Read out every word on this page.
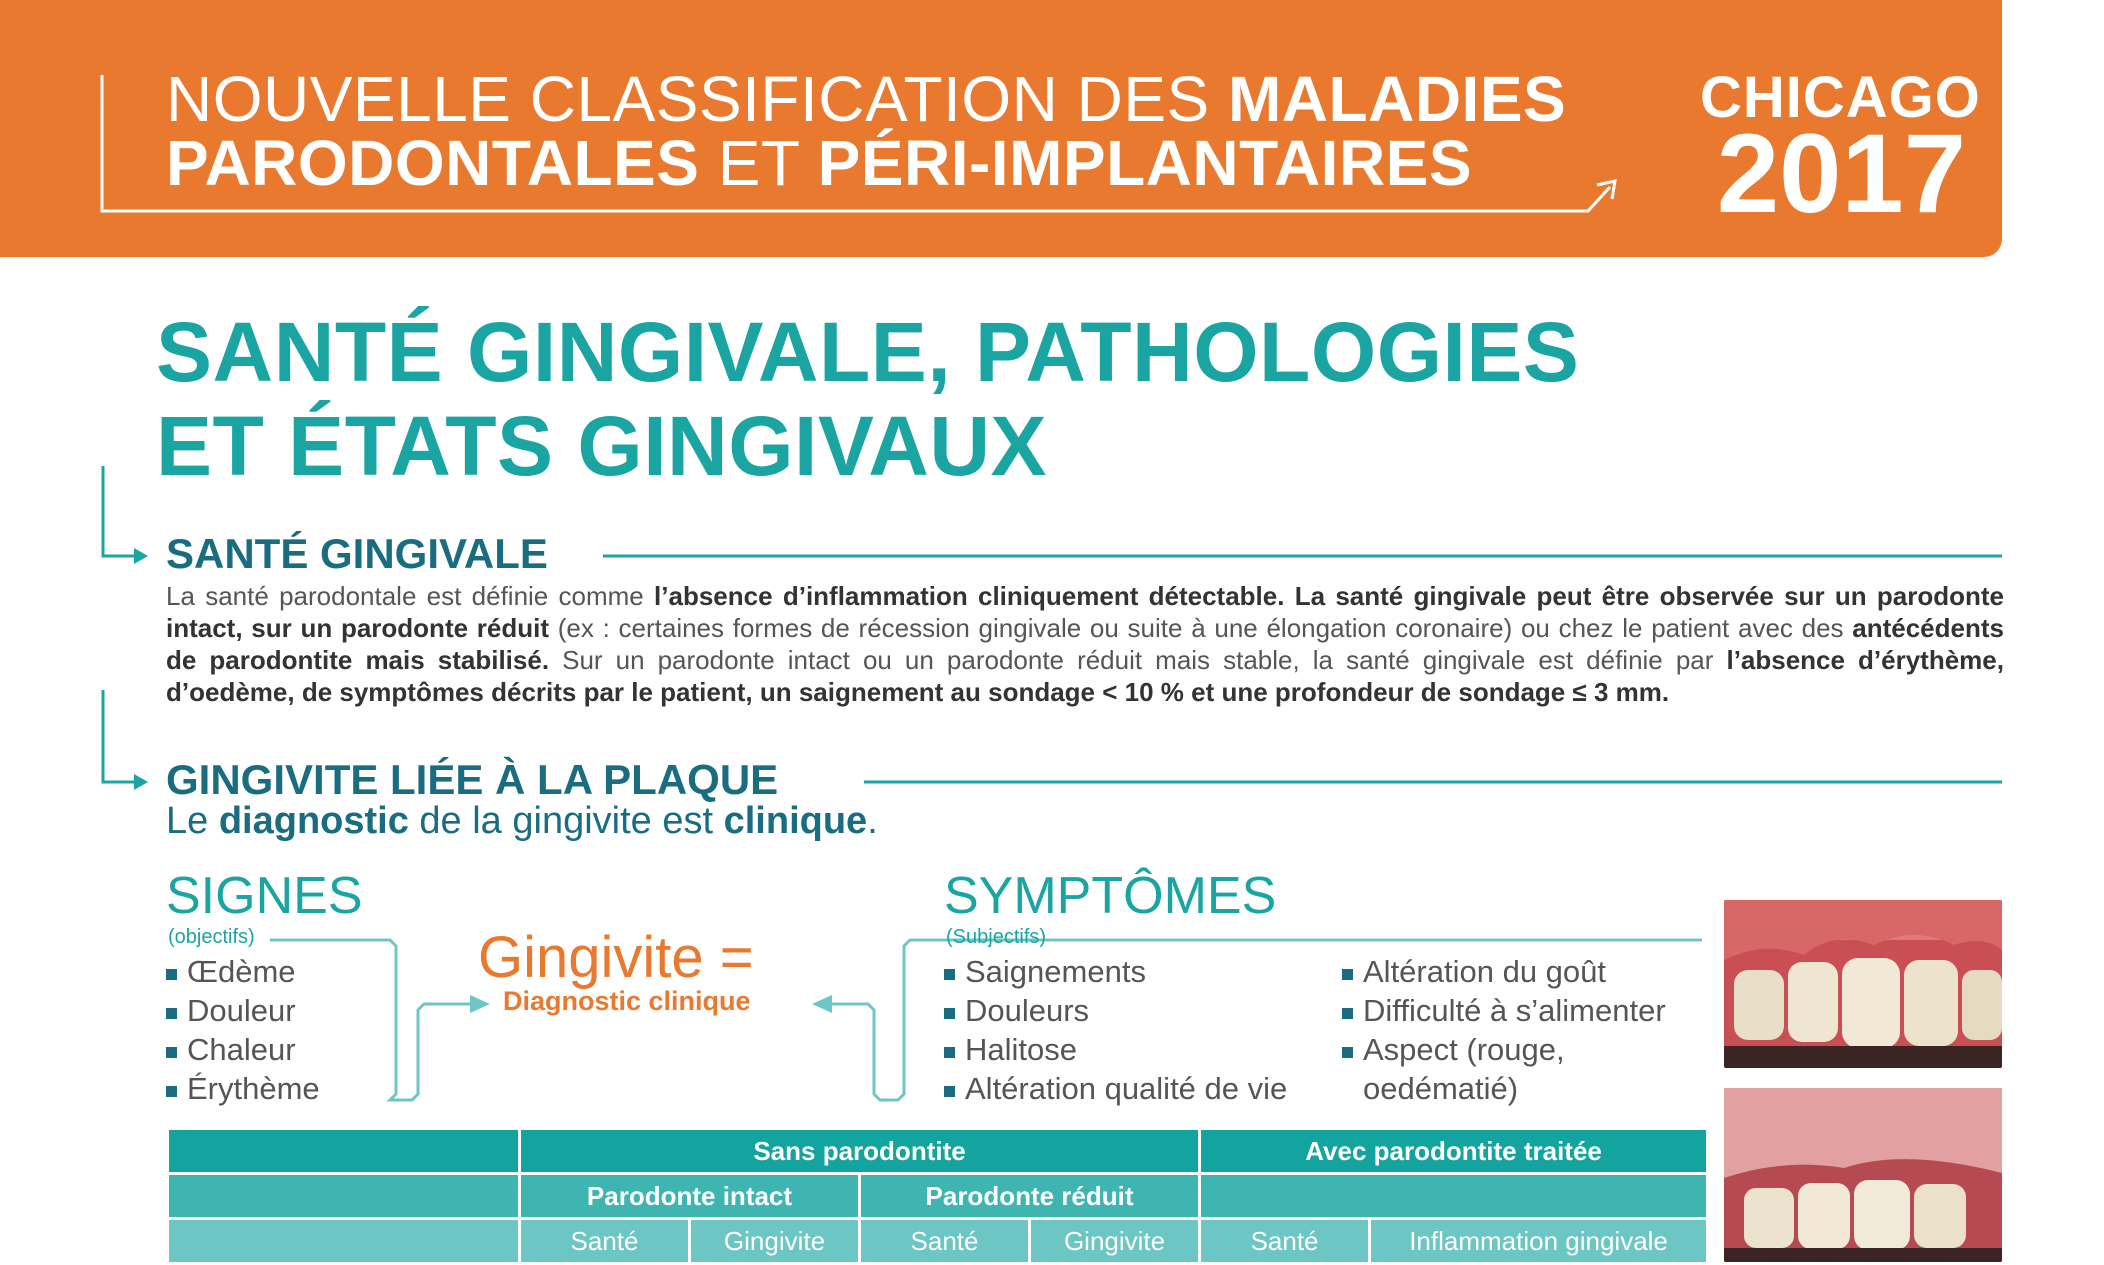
NOUVELLE CLASSIFICATION DES MALADIES
PARODONTALES ET PÉRI-IMPLANTAIRES
CHICAGO
2017
SANTÉ GINGIVALE, PATHOLOGIES
ET ÉTATS GINGIVAUX
SANTÉ GINGIVALE
La santé parodontale est définie comme l’absence d’inflammation cliniquement détectable. La santé gingivale peut être observée sur un parodonte intact, sur un parodonte réduit (ex : certaines formes de récession gingivale ou suite à une élongation coronaire) ou chez le patient avec des antécédents de parodontite mais stabilisé. Sur un parodonte intact ou un parodonte réduit mais stable, la santé gingivale est définie par l’absence d’érythème, d’oedème, de symptômes décrits par le patient, un saignement au sondage < 10 % et une profondeur de sondage ≤ 3 mm.
GINGIVITE LIÉE À LA PLAQUE
Le diagnostic de la gingivite est clinique.
SIGNES
(objectifs)
Œdème
Douleur
Chaleur
Érythème
Gingivite =
Diagnostic clinique
SYMPTÔMES
(Subjectifs)
Saignements
Douleurs
Halitose
Altération qualité de vie
Altération du goût
Difficulté à s’alimenter
Aspect (rouge,
oedématié)
	Sans parodontite				Avec parodontite traitée	
	Parodonte intact		Parodonte réduit			
	Santé	Gingivite	Santé	Gingivite	Santé	Inflammation gingivale
